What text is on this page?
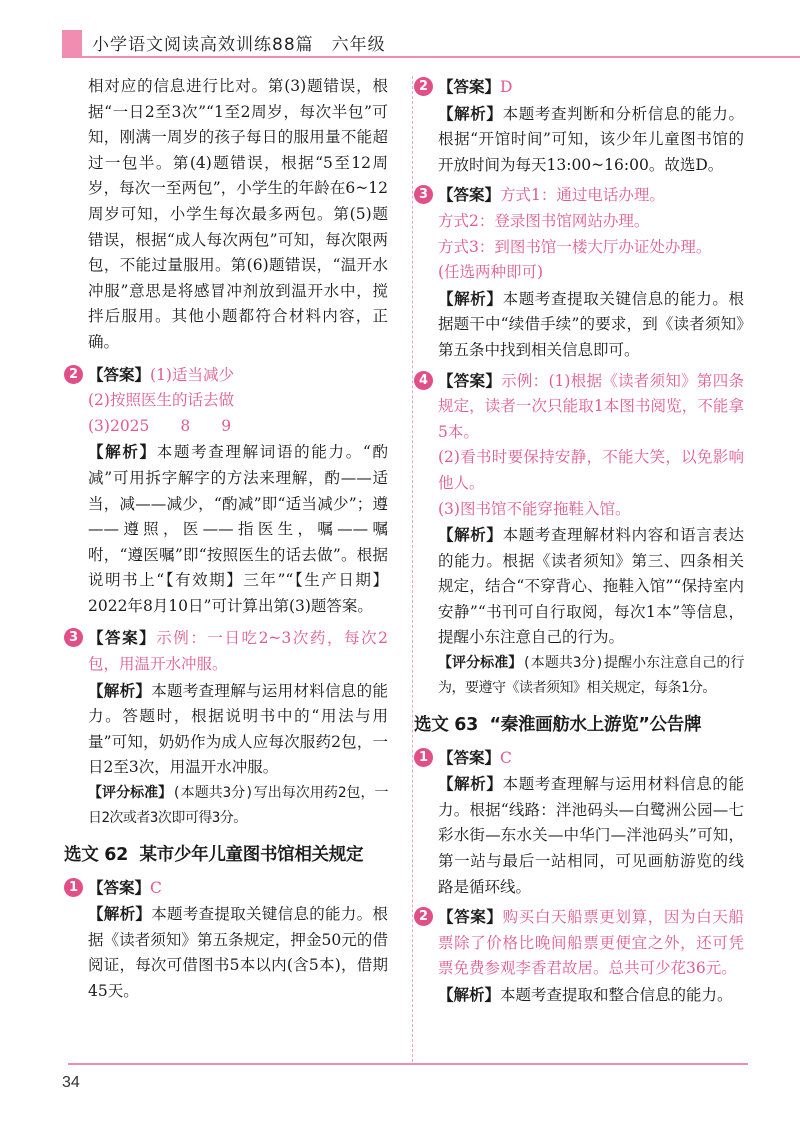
小学语文阅读高效训练88篇　六年级

相对应的信息进行比对。第(3)题错误，根据“一日2至3次”“1至2周岁，每次半包”可知，刚满一周岁的孩子每日的服用量不能超过一包半。第(4)题错误，根据“5至12周岁，每次一至两包”，小学生的年龄在6~12周岁可知，小学生每次最多两包。第(5)题错误，根据“成人每次两包”可知，每次限两包，不能过量服用。第(6)题错误，“温开水冲服”意思是将感冒冲剂放到温开水中，搅拌后服用。其他小题都符合材料内容，正确。

2 【答案】(1)适当减少

(2)按照医生的话去做

(3)2025　　8　　9

【解析】本题考查理解词语的能力。“酌减”可用拆字解字的方法来理解，酌——适当，减——减少，“酌减”即“适当减少”；遵——遵照，医——指医生，嘱——嘱咐，“遵医嘱”即“按照医生的话去做”。根据说明书上“【有效期】三年”“【生产日期】2022年8月10日”可计算出第(3)题答案。

3 【答案】示例：一日吃2~3次药，每次2包，用温开水冲服。

【解析】本题考查理解与运用材料信息的能力。答题时，根据说明书中的“用法与用量”可知，奶奶作为成人应每次服药2包，一日2至3次，用温开水冲服。

【评分标准】(本题共3分)写出每次用药2包，一日2次或者3次即可得3分。

选文 62 某市少年儿童图书馆相关规定
1 【答案】C

【解析】本题考查提取关键信息的能力。根据《读者须知》第五条规定，押金50元的借阅证，每次可借图书5本以内(含5本)，借期45天。

2 【答案】D

【解析】本题考查判断和分析信息的能力。根据“开馆时间”可知，该少年儿童图书馆的开放时间为每天13:00~16:00。故选D。

3 【答案】方式1：通过电话办理。

方式2：登录图书馆网站办理。

方式3：到图书馆一楼大厅办证处办理。

(任选两种即可)

【解析】本题考查提取关键信息的能力。根据题干中“续借手续”的要求，到《读者须知》第五条中找到相关信息即可。

4 【答案】示例：(1)根据《读者须知》第四条规定，读者一次只能取1本图书阅览，不能拿5本。

(2)看书时要保持安静，不能大笑，以免影响他人。

(3)图书馆不能穿拖鞋入馆。

【解析】本题考查理解材料内容和语言表达的能力。根据《读者须知》第三、四条相关规定，结合“不穿背心、拖鞋入馆”“保持室内安静”“书刊可自行取阅，每次1本”等信息，提醒小东注意自己的行为。

【评分标准】(本题共3分)提醒小东注意自己的行为，要遵守《读者须知》相关规定，每条1分。

选文 63 “秦淮画舫水上游览”公告牌
1 【答案】C

【解析】本题考查理解与运用材料信息的能力。根据“线路：泮池码头—白鹭洲公园—七彩水街—东水关—中华门—泮池码头”可知，第一站与最后一站相同，可见画舫游览的线路是循环线。

2 【答案】购买白天船票更划算，因为白天船票除了价格比晚间船票更便宜之外，还可凭票免费参观李香君故居。总共可少花36元。

【解析】本题考查提取和整合信息的能力。

34
